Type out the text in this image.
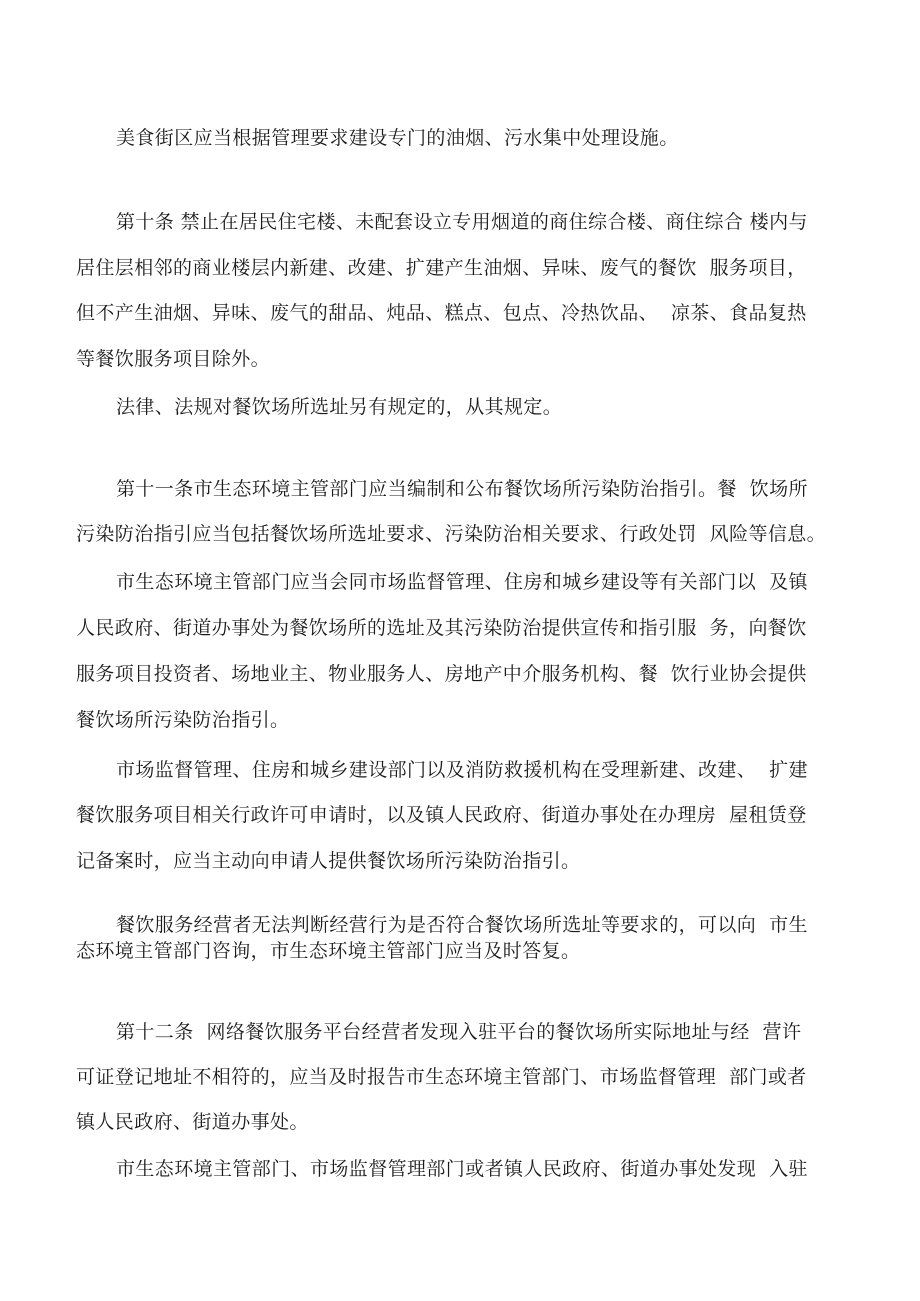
美食街区应当根据管理要求建设专门的油烟、污水集中处理设施。

第十条 禁止在居民住宅楼、未配套设立专用烟道的商住综合楼、商住综合 楼内与

居住层相邻的商业楼层内新建、改建、扩建产生油烟、异味、废气的餐饮  服务项目，

但不产生油烟、异味、废气的甜品、炖品、糕点、包点、冷热饮品、  凉茶、食品复热

等餐饮服务项目除外。

法律、法规对餐饮场所选址另有规定的，从其规定。

第十一条市生态环境主管部门应当编制和公布餐饮场所污染防治指引。餐  饮场所

污染防治指引应当包括餐饮场所选址要求、污染防治相关要求、行政处罚  风险等信息。

市生态环境主管部门应当会同市场监督管理、住房和城乡建设等有关部门以  及镇

人民政府、街道办事处为餐饮场所的选址及其污染防治提供宣传和指引服  务，向餐饮

服务项目投资者、场地业主、物业服务人、房地产中介服务机构、餐  饮行业协会提供

餐饮场所污染防治指引。

市场监督管理、住房和城乡建设部门以及消防救援机构在受理新建、改建、  扩建

餐饮服务项目相关行政许可申请时，以及镇人民政府、街道办事处在办理房  屋租赁登

记备案时，应当主动向申请人提供餐饮场所污染防治指引。

餐饮服务经营者无法判断经营行为是否符合餐饮场所选址等要求的，可以向  市生

态环境主管部门咨询，市生态环境主管部门应当及时答复。

第十二条  网络餐饮服务平台经营者发现入驻平台的餐饮场所实际地址与经  营许

可证登记地址不相符的，应当及时报告市生态环境主管部门、市场监督管理  部门或者

镇人民政府、街道办事处。

市生态环境主管部门、市场监督管理部门或者镇人民政府、街道办事处发现  入驻
